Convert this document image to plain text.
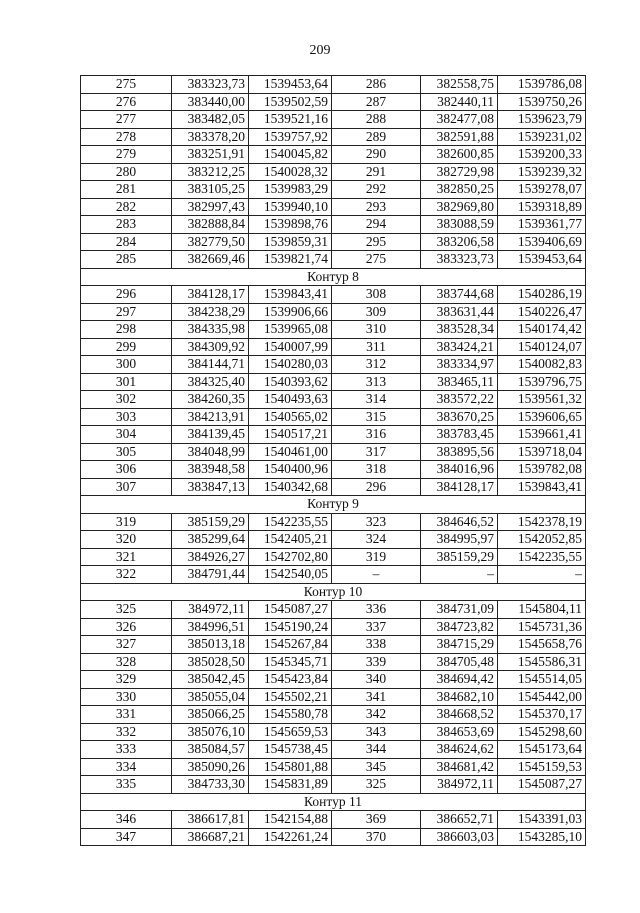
209
275	383323,73	1539453,64	286	382558,75	1539786,08
276	383440,00	1539502,59	287	382440,11	1539750,26
277	383482,05	1539521,16	288	382477,08	1539623,79
278	383378,20	1539757,92	289	382591,88	1539231,02
279	383251,91	1540045,82	290	382600,85	1539200,33
280	383212,25	1540028,32	291	382729,98	1539239,32
281	383105,25	1539983,29	292	382850,25	1539278,07
282	382997,43	1539940,10	293	382969,80	1539318,89
283	382888,84	1539898,76	294	383088,59	1539361,77
284	382779,50	1539859,31	295	383206,58	1539406,69
285	382669,46	1539821,74	275	383323,73	1539453,64
Контур 8					
296	384128,17	1539843,41	308	383744,68	1540286,19
297	384238,29	1539906,66	309	383631,44	1540226,47
298	384335,98	1539965,08	310	383528,34	1540174,42
299	384309,92	1540007,99	311	383424,21	1540124,07
300	384144,71	1540280,03	312	383334,97	1540082,83
301	384325,40	1540393,62	313	383465,11	1539796,75
302	384260,35	1540493,63	314	383572,22	1539561,32
303	384213,91	1540565,02	315	383670,25	1539606,65
304	384139,45	1540517,21	316	383783,45	1539661,41
305	384048,99	1540461,00	317	383895,56	1539718,04
306	383948,58	1540400,96	318	384016,96	1539782,08
307	383847,13	1540342,68	296	384128,17	1539843,41
Контур 9					
319	385159,29	1542235,55	323	384646,52	1542378,19
320	385299,64	1542405,21	324	384995,97	1542052,85
321	384926,27	1542702,80	319	385159,29	1542235,55
322	384791,44	1542540,05	–	–	–
Контур 10					
325	384972,11	1545087,27	336	384731,09	1545804,11
326	384996,51	1545190,24	337	384723,82	1545731,36
327	385013,18	1545267,84	338	384715,29	1545658,76
328	385028,50	1545345,71	339	384705,48	1545586,31
329	385042,45	1545423,84	340	384694,42	1545514,05
330	385055,04	1545502,21	341	384682,10	1545442,00
331	385066,25	1545580,78	342	384668,52	1545370,17
332	385076,10	1545659,53	343	384653,69	1545298,60
333	385084,57	1545738,45	344	384624,62	1545173,64
334	385090,26	1545801,88	345	384681,42	1545159,53
335	384733,30	1545831,89	325	384972,11	1545087,27
Контур 11					
346	386617,81	1542154,88	369	386652,71	1543391,03
347	386687,21	1542261,24	370	386603,03	1543285,10
